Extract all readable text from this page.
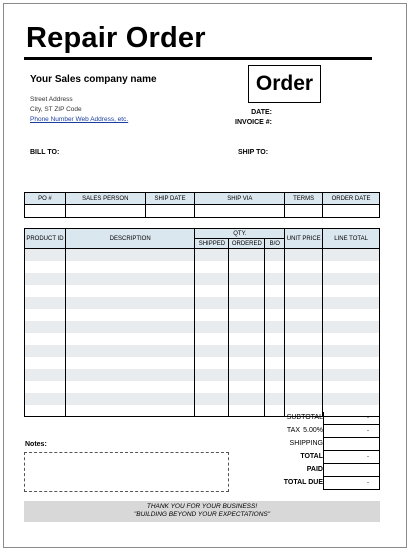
Repair Order
Your Sales company name	Order
Street Address
City, ST ZIP Code
Phone Number Web Address, etc.
DATE:
INVOICE #:
BILL TO:	SHIP TO:
PO #	SALES PERSON	SHIP DATE	SHIP VIA	TERMS	ORDER DATE

PRODUCT ID	DESCRIPTION	QTY.			UNIT PRICE	LINE TOTAL
		SHIPPED	ORDERED	B/O		

SUBTOTAL	-
TAX 5.00%	-
SHIPPING
TOTAL	-
PAID
TOTAL DUE	-
Notes:
THANK YOU FOR YOUR BUSINESS!
"BUILDING BEYOND YOUR EXPECTATIONS"
